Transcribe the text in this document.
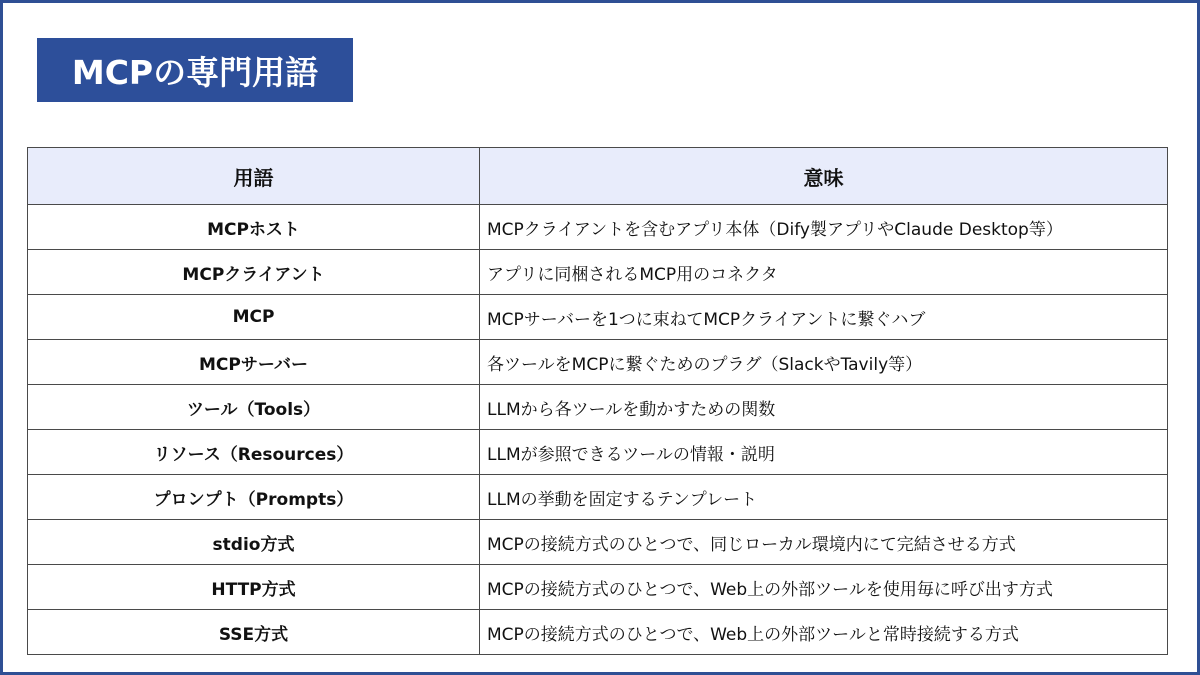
MCPの専門用語
用語	意味
MCPホスト	MCPクライアントを含むアプリ本体（Dify製アプリやClaude Desktop等）
MCPクライアント	アプリに同梱されるMCP用のコネクタ
MCP	MCPサーバーを1つに束ねてMCPクライアントに繋ぐハブ
MCPサーバー	各ツールをMCPに繋ぐためのプラグ（SlackやTavily等）
ツール（Tools）	LLMから各ツールを動かすための関数
リソース（Resources）	LLMが参照できるツールの情報・説明
プロンプト（Prompts）	LLMの挙動を固定するテンプレート
stdio方式	MCPの接続方式のひとつで、同じローカル環境内にて完結させる方式
HTTP方式	MCPの接続方式のひとつで、Web上の外部ツールを使用毎に呼び出す方式
SSE方式	MCPの接続方式のひとつで、Web上の外部ツールと常時接続する方式
